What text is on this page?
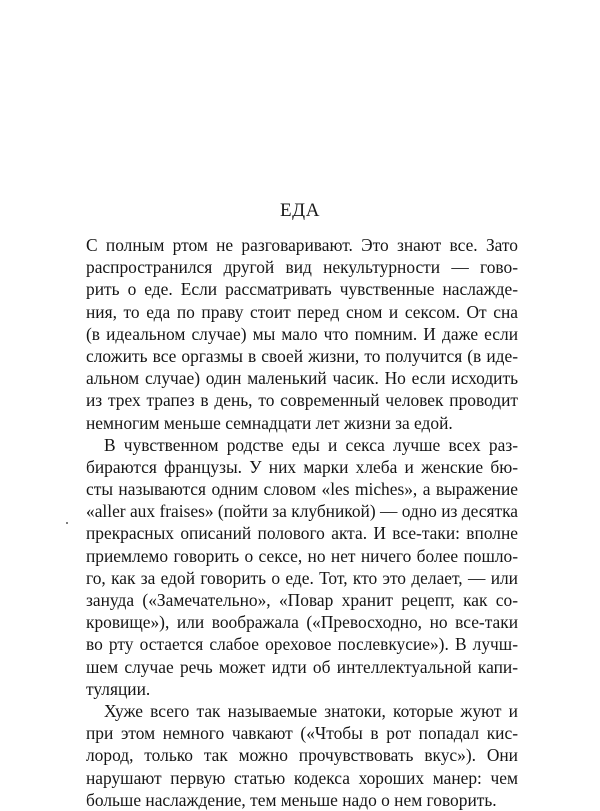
ЕДА
С полным ртом не разговаривают. Это знают все. Зато
распространился другой вид некультурности — гово-
рить о еде. Если рассматривать чувственные наслажде-
ния, то еда по праву стоит перед сном и сексом. От сна
(в идеальном случае) мы мало что помним. И даже если
сложить все оргазмы в своей жизни, то получится (в иде-
альном случае) один маленький часик. Но если исходить
из трех трапез в день, то современный человек проводит
немногим меньше семнадцати лет жизни за едой.
В чувственном родстве еды и секса лучше всех раз-
бираются французы. У них марки хлеба и женские бю-
сты называются одним словом «les miches», а выражение
«aller aux fraises» (пойти за клубникой) — одно из десятка
прекрасных описаний полового акта. И все-таки: вполне
приемлемо говорить о сексе, но нет ничего более пошло-
го, как за едой говорить о еде. Тот, кто это делает, — или
зануда («Замечательно», «Повар хранит рецепт, как со-
кровище»), или воображала («Превосходно, но все-таки
во рту остается слабое ореховое послевкусие»). В лучш-
шем случае речь может идти об интеллектуальной капи-
туляции.
Хуже всего так называемые знатоки, которые жуют и
при этом немного чавкают («Чтобы в рот попадал кис-
лород, только так можно прочувствовать вкус»). Они
нарушают первую статью кодекса хороших манер: чем
больше наслаждение, тем меньше надо о нем говорить.
